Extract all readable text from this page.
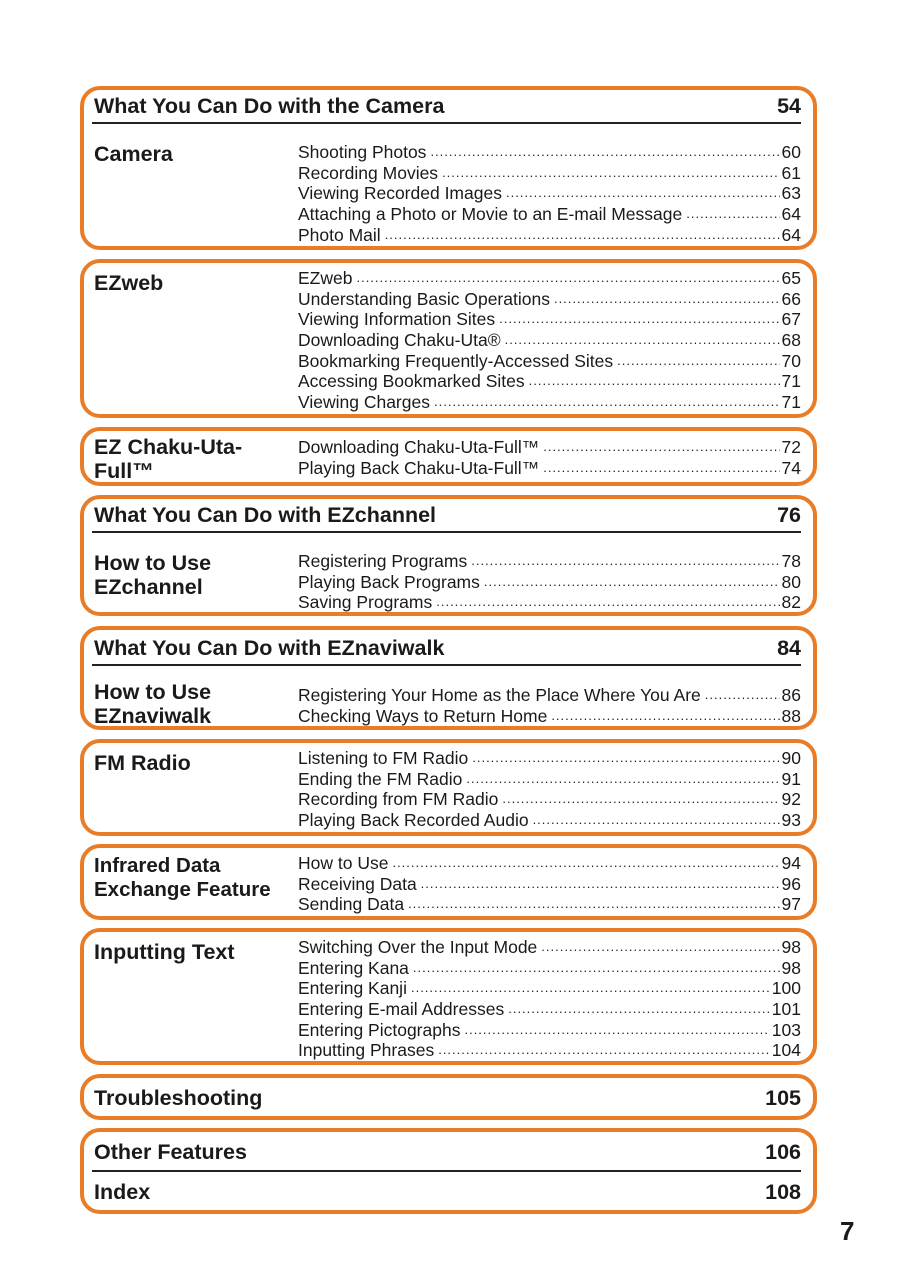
What You Can Do with the Camera	54
Camera	Shooting Photos .....	60
Recording Movies .....	61
Viewing Recorded Images .....	63
Attaching a Photo or Movie to an E-mail Message .....	64
Photo Mail .....	64
EZweb	EZweb .....	65
Understanding Basic Operations .....	66
Viewing Information Sites .....	67
Downloading Chaku-Uta® .....	68
Bookmarking Frequently-Accessed Sites .....	70
Accessing Bookmarked Sites .....	71
Viewing Charges .....	71
EZ Chaku-Uta-
Full™
Downloading Chaku-Uta-Full™ .....	72
Playing Back Chaku-Uta-Full™ .....	74
What You Can Do with EZchannel	76
How to Use
EZchannel
Registering Programs .....	78
Playing Back Programs .....	80
Saving Programs .....	82
What You Can Do with EZnaviwalk	84
How to Use
EZnaviwalk
Registering Your Home as the Place Where You Are .....	86
Checking Ways to Return Home .....	88
FM Radio	Listening to FM Radio .....	90
Ending the FM Radio .....	91
Recording from FM Radio .....	92
Playing Back Recorded Audio .....	93
Infrared Data
Exchange Feature
How to Use .....	94
Receiving Data .....	96
Sending Data .....	97
Inputting Text	Switching Over the Input Mode .....	98
Entering Kana .....	98
Entering Kanji .....	100
Entering E-mail Addresses .....	101
Entering Pictographs .....	103
Inputting Phrases .....	104
Troubleshooting	105
Other Features	106
Index	108
7
